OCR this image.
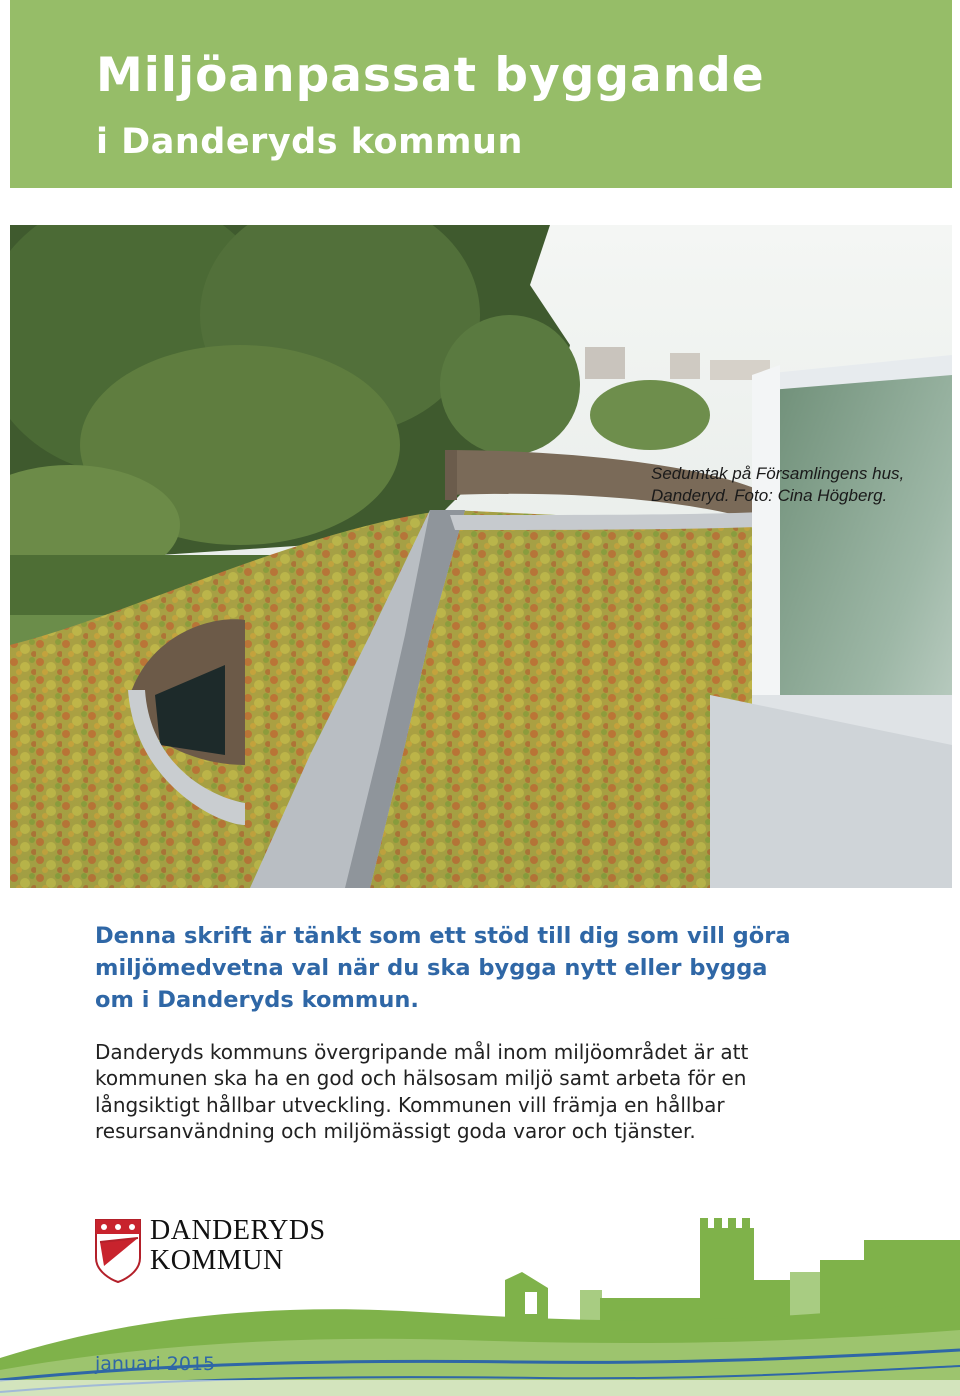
Miljöanpassat byggande
i Danderyds kommun
Sedumtak på Församlingens hus,
Danderyd. Foto: Cina Högberg.
Denna skrift är tänkt som ett stöd till dig som vill göra
miljömedvetna val när du ska bygga nytt eller bygga
om i Danderyds kommun.
Danderyds kommuns övergripande mål inom miljöområdet är att
kommunen ska ha en god och hälsosam miljö samt arbeta för en
långsiktigt hållbar utveckling. Kommunen vill främja en hållbar
resursanvändning och miljömässigt goda varor och tjänster.
DANDERYDS
KOMMUN
januari 2015
